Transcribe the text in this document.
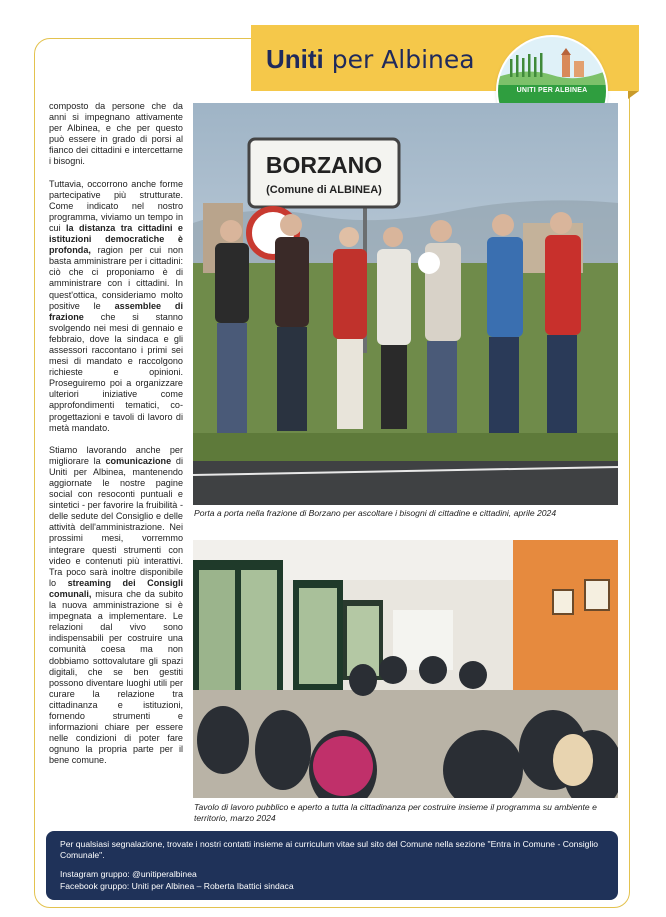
Uniti per Albinea
UNITI PER ALBINEA

composto da persone che da anni si impegnano attivamente per Albinea, e che per questo può essere in grado di porsi al fianco dei cittadini e intercettarne i bisogni.

Tuttavia, occorrono anche forme partecipative più strutturate. Come indicato nel nostro programma, viviamo un tempo in cui la distanza tra cittadini e istituzioni democratiche è profonda, ragion per cui non basta amministrare per i cittadini: ciò che ci proponiamo è di amministrare con i cittadini. In quest'ottica, consideriamo molto positive le assemblee di frazione che si stanno svolgendo nei mesi di gennaio e febbraio, dove la sindaca e gli assessori raccontano i primi sei mesi di mandato e raccolgono richieste e opinioni. Proseguiremo poi a organizzare ulteriori iniziative come approfondimenti tematici, co-progettazioni e tavoli di lavoro di metà mandato.

Stiamo lavorando anche per migliorare la comunicazione di Uniti per Albinea, mantenendo aggiornate le nostre pagine social con resoconti puntuali e sintetici - per favorire la fruibilità - delle sedute del Consiglio e delle attività dell'amministrazione. Nei prossimi mesi, vorremmo integrare questi strumenti con video e contenuti più interattivi. Tra poco sarà inoltre disponibile lo streaming dei Consigli comunali, misura che da subito la nuova amministrazione si è impegnata a implementare. Le relazioni dal vivo sono indispensabili per costruire una comunità coesa ma non dobbiamo sottovalutare gli spazi digitali, che se ben gestiti possono diventare luoghi utili per curare la relazione tra cittadinanza e istituzioni, fornendo strumenti e informazioni chiare per essere nelle condizioni di poter fare ognuno la propria parte per il bene comune.

BORZANO
(Comune di ALBINEA)
Porta a porta nella frazione di Borzano per ascoltare i bisogni di cittadine e cittadini, aprile 2024
Tavolo di lavoro pubblico e aperto a tutta la cittadinanza per costruire insieme il programma su ambiente e territorio, marzo 2024

Per qualsiasi segnalazione, trovate i nostri contatti insieme ai curriculum vitae sul sito del Comune nella sezione "Entra in Comune - Consiglio Comunale".

Instagram gruppo: @unitiperalbinea

Facebook gruppo: Uniti per Albinea – Roberta Ibattici sindaca
